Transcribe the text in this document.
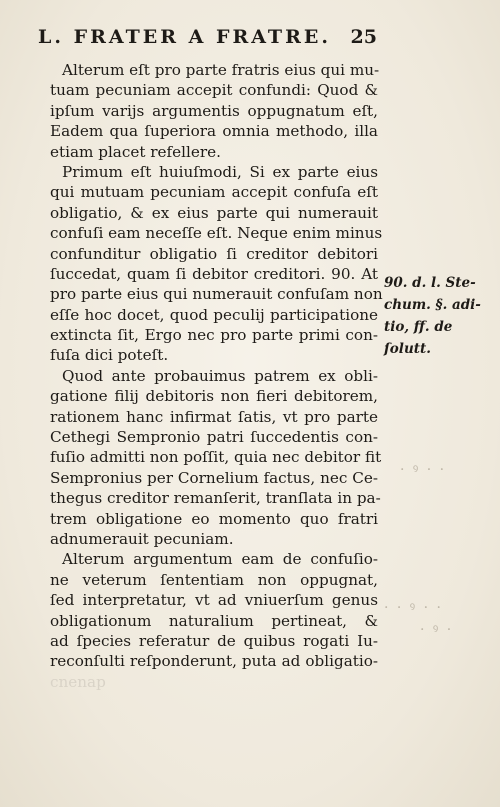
L. FRATER A FRATRE. 25
Alterum eſt pro parte fratris eius qui mu-
tuam pecuniam accepit confundi: Quod &
ipſum varijs argumentis oppugnatum eſt,
Eadem qua ſuperiora omnia methodo, illa
etiam placet refellere.
Primum eſt huiuſmodi, Si ex parte eius
qui mutuam pecuniam accepit confuſa eſt
obligatio, & ex eius parte qui numerauit
confuſi eam neceſſe eſt. Neque enim minus
confunditur obligatio ſi creditor debitori
ſuccedat, quam ſi debitor creditori. 90. At
pro parte eius qui numerauit confuſam non
eſſe hoc docet, quod peculij participatione
extincta ſit, Ergo nec pro parte primi con-
fuſa dici poteſt.
Quod ante probauimus patrem ex obli-
gatione filij debitoris non fieri debitorem,
rationem hanc infirmat ſatis, vt pro parte
Cethegi Sempronio patri ſuccedentis con-
fuſio admitti non poſſit, quia nec debitor fit
Sempronius per Cornelium factus, nec Ce-
thegus creditor remanſerit, tranſlata in pa-
trem obligatione eo momento quo fratri
adnumerauit pecuniam.
Alterum argumentum eam de confuſio-
ne veterum ſententiam non oppugnat,
ſed interpretatur, vt ad vniuerſum genus
obligationum naturalium pertineat, &
ad ſpecies referatur de quibus rogati Iu-
reconſulti reſponderunt, puta ad obligatio-
cnenap
90. d. l. Ste-
chum. §. adi-
tio, ff. de
ſolutt.
· ꝰ · ·
· · ꝰ · ·
· ꝰ ·
